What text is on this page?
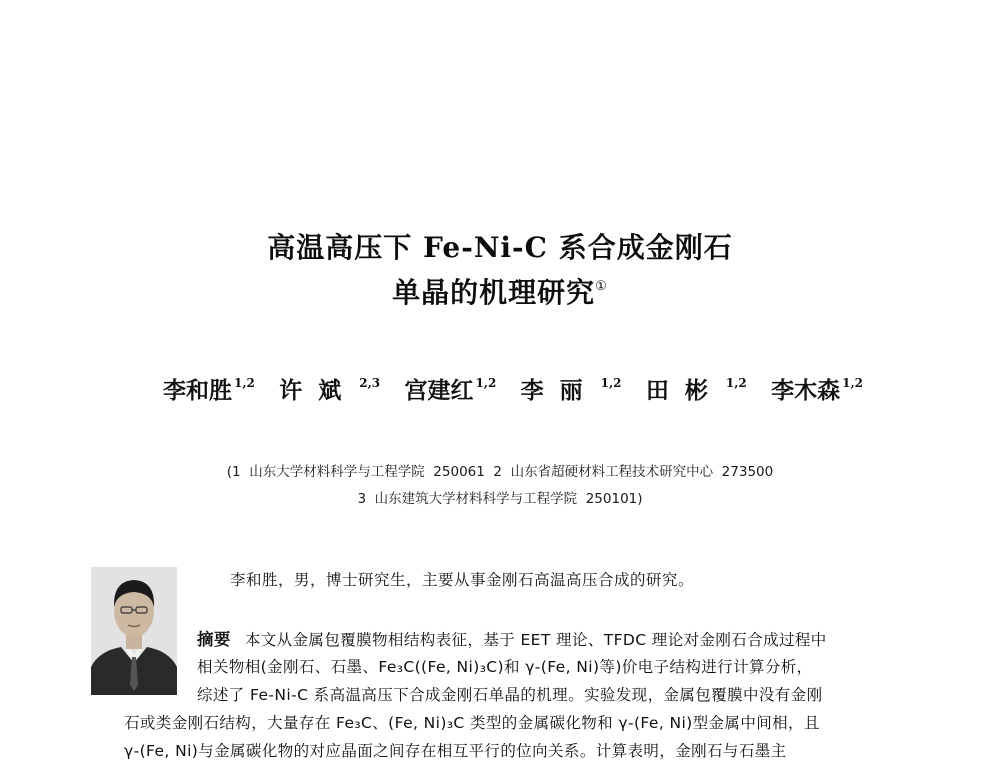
高温高压下 Fe-Ni-C 系合成金刚石
单晶的机理研究①
李和胜 $^{1,2}$ 许斌 $^{2,3}$ 宫建红 $^{1,2}$ 李丽 $^{1,2}$ 田彬 $^{1,2}$ 李木森 $^{1,2}$
(1  山东大学材料科学与工程学院  250061  2  山东省超硬材料工程技术研究中心  273500
3  山东建筑大学材料科学与工程学院  250101)
李和胜，男，博士研究生，主要从事金刚石高温高压合成的研究。
摘要 本文从金属包覆膜物相结构表征，基于 EET 理论、TFDC 理论对金刚石合成过程中
相关物相(金刚石、石墨、Fe₃C((Fe, Ni)₃C)和 γ-(Fe, Ni)等)价电子结构进行计算分析，
综述了 Fe-Ni-C 系高温高压下合成金刚石单晶的机理。实验发现，金属包覆膜中没有金刚
石或类金刚石结构，大量存在 Fe₃C、(Fe, Ni)₃C 类型的金属碳化物和 γ-(Fe, Ni)型金属中间相，且
γ-(Fe, Ni)与金属碳化物的对应晶面之间存在相互平行的位向关系。计算表明，金刚石与石墨主
